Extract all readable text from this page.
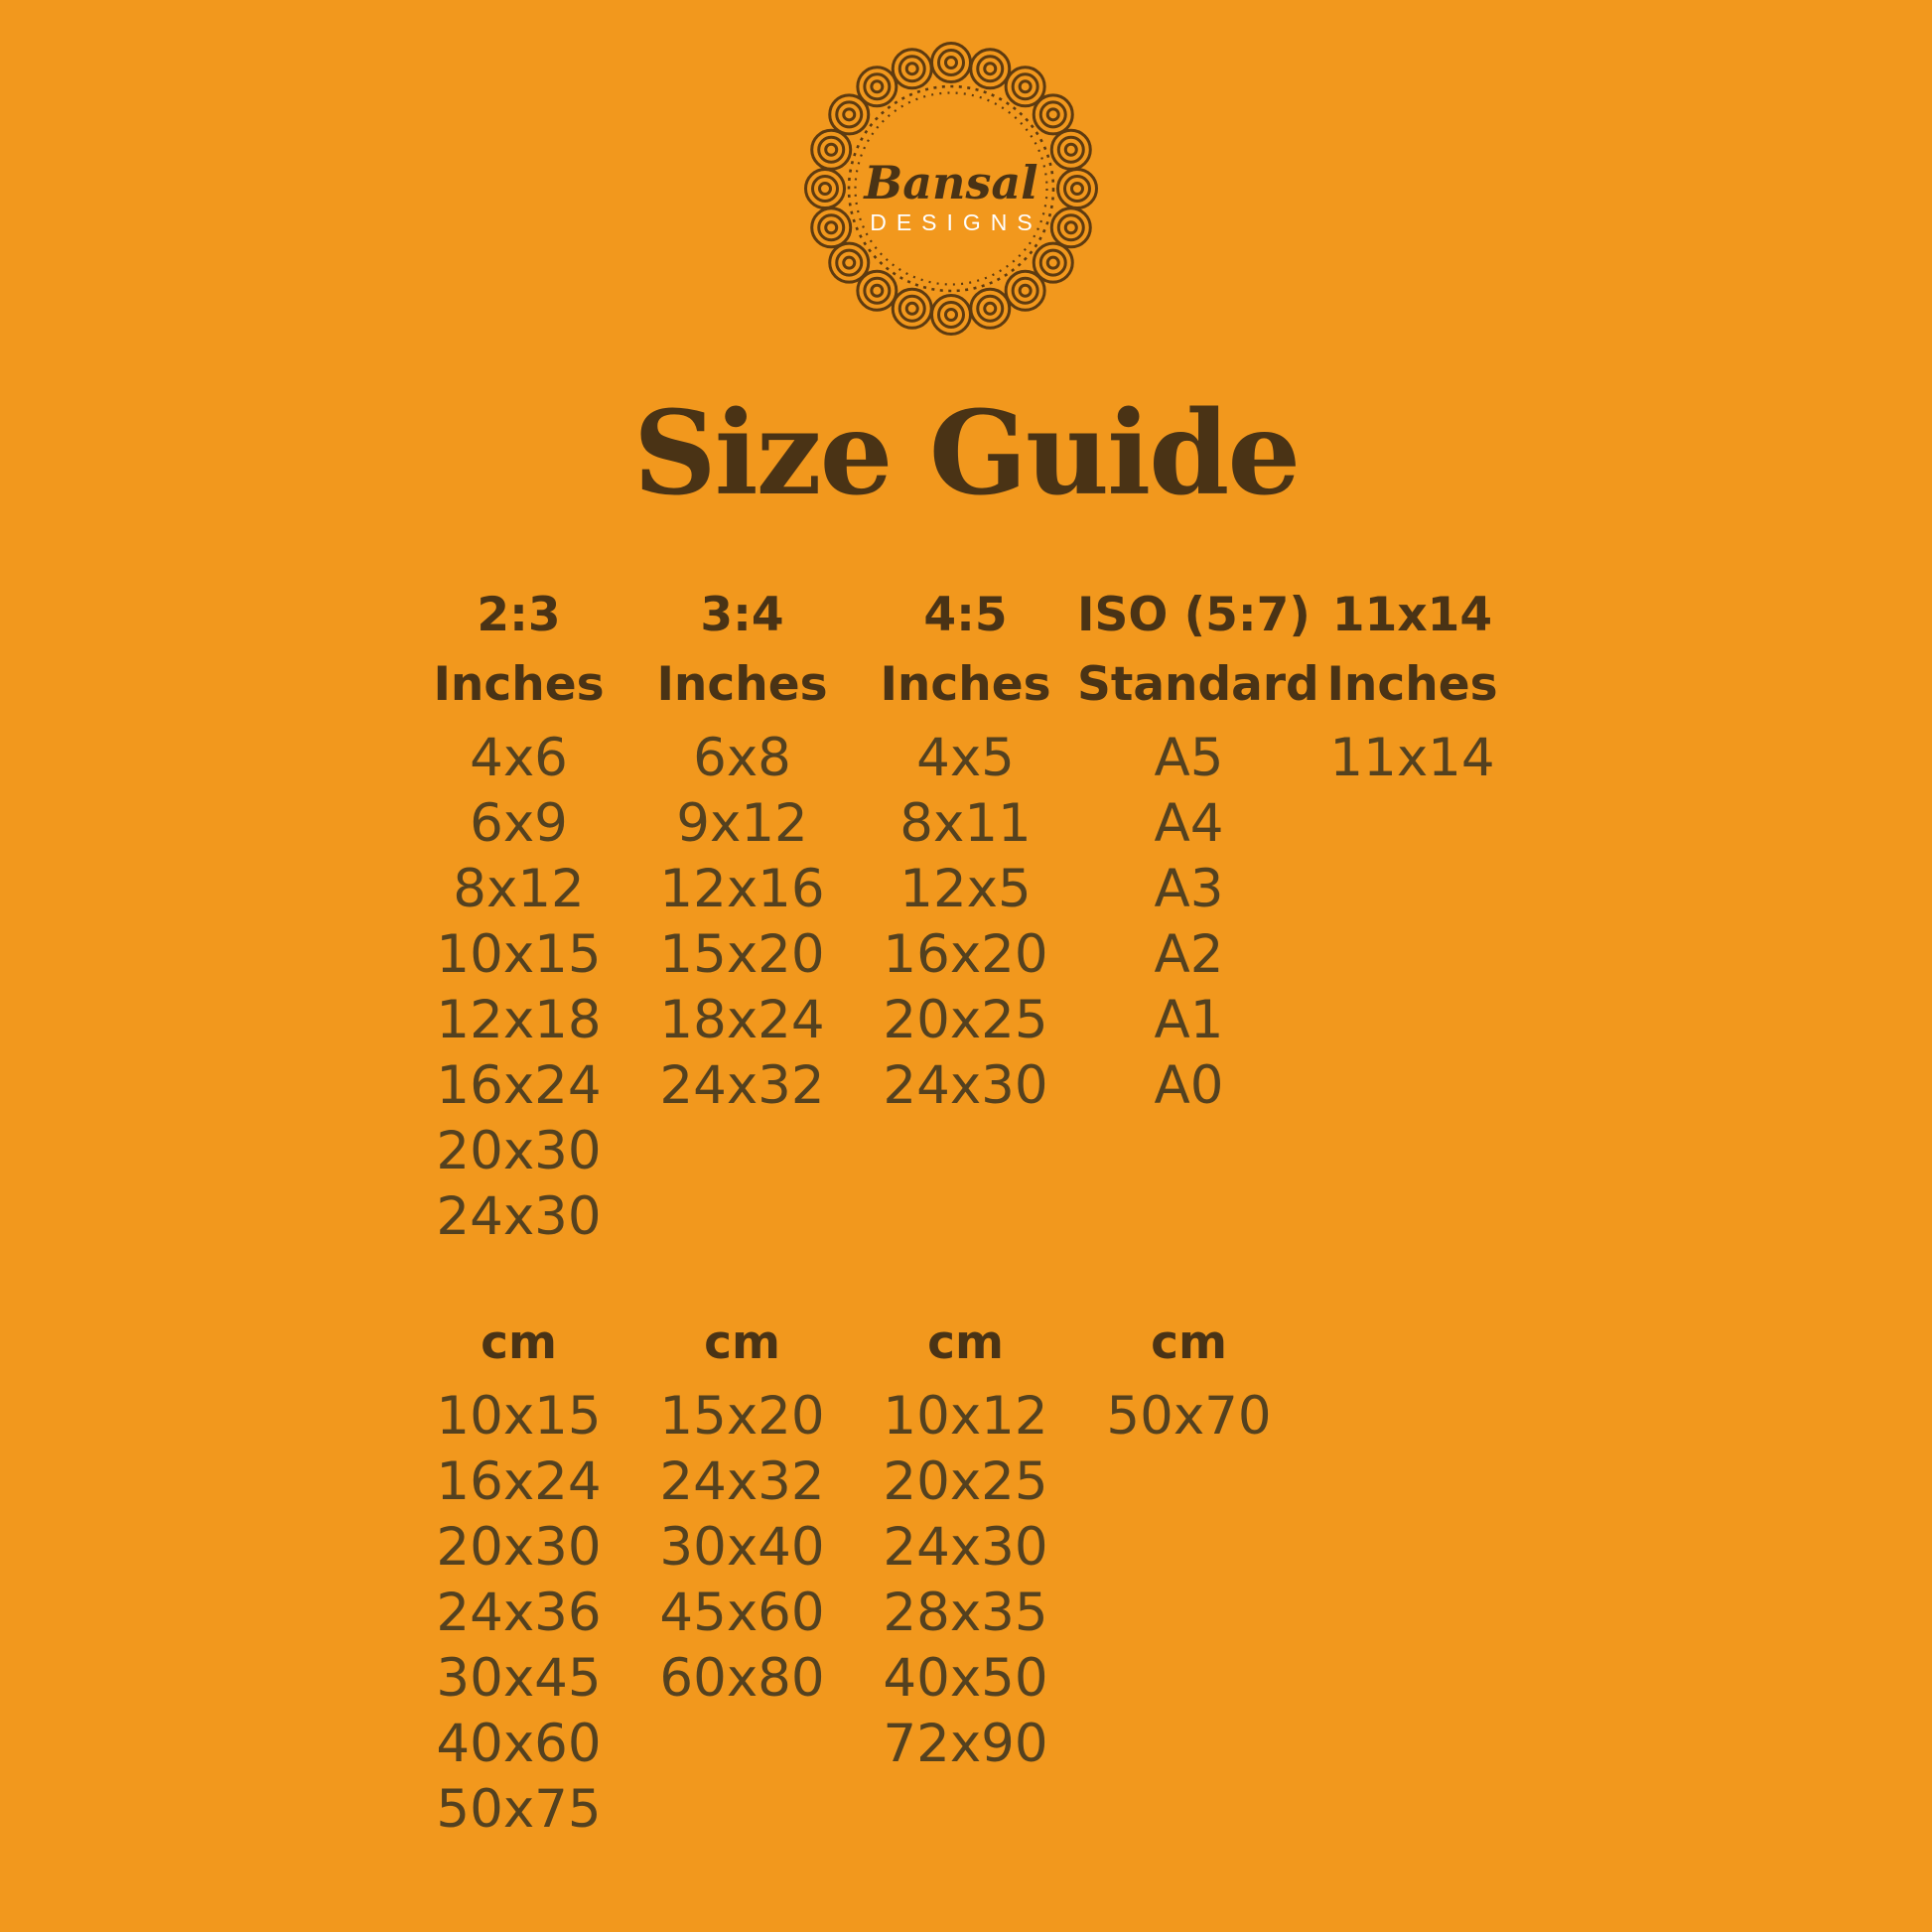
Bansal
DESIGNS
Size Guide
2:3
Inches
4x6
6x9
8x12
10x15
12x18
16x24
20x30
24x30
3:4
Inches
6x8
9x12
12x16
15x20
18x24
24x32
4:5
Inches
4x5
8x11
12x5
16x20
20x25
24x30
ISO (5:7)
Standard
A5
A4
A3
A2
A1
A0
11x14
Inches
11x14
cm
10x15
16x24
20x30
24x36
30x45
40x60
50x75
cm
15x20
24x32
30x40
45x60
60x80
cm
10x12
20x25
24x30
28x35
40x50
72x90
cm
50x70
